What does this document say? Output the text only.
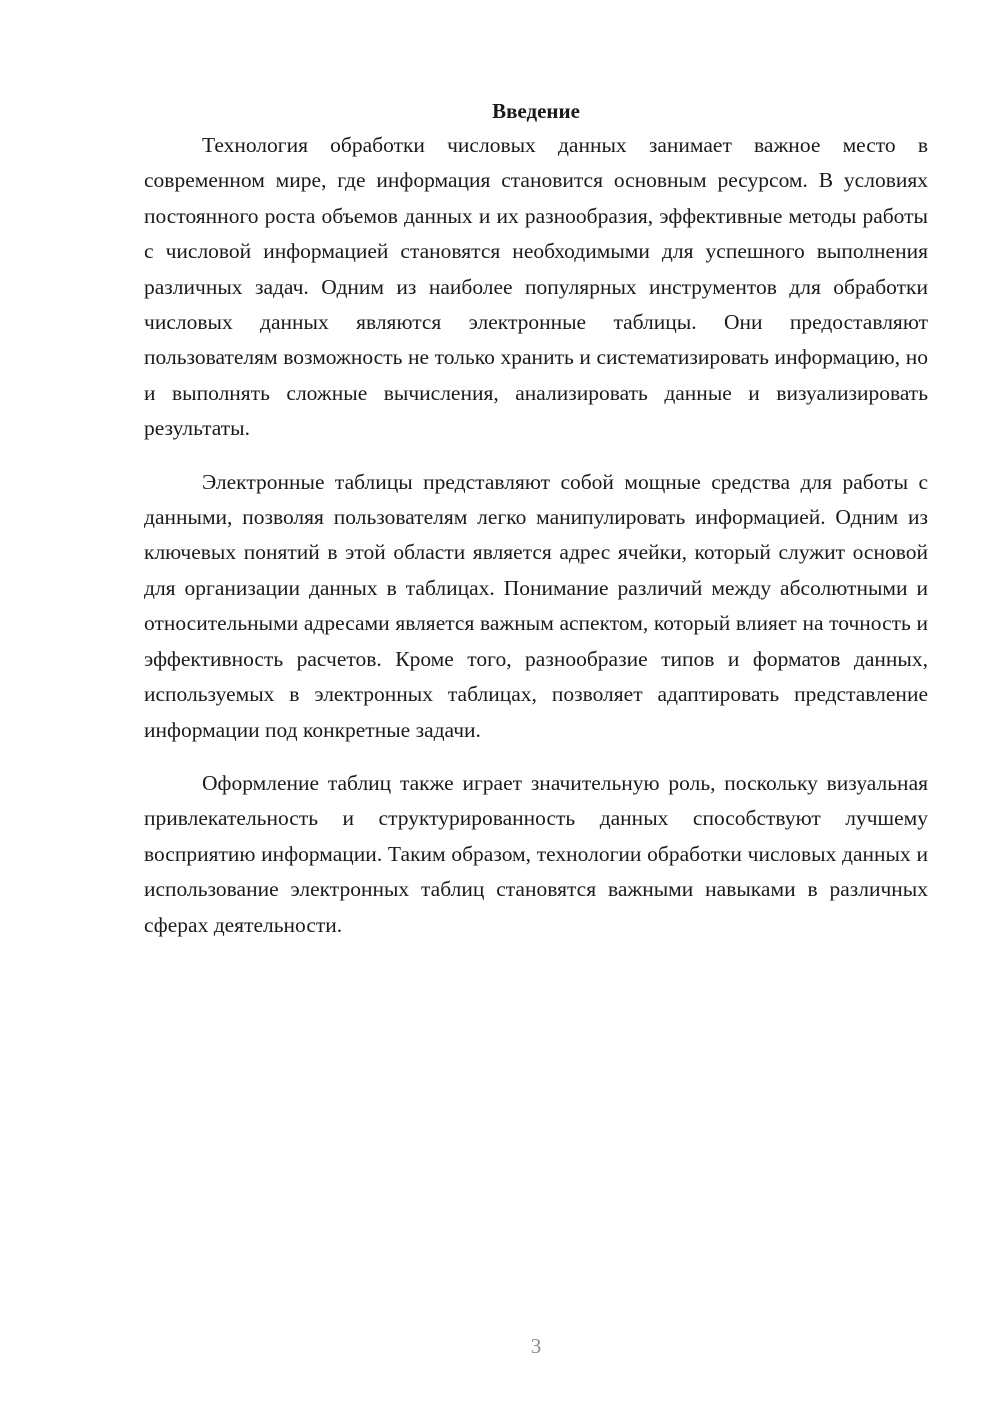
Введение

Технология обработки числовых данных занимает важное место в современном мире, где информация становится основным ресурсом. В условиях постоянного роста объемов данных и их разнообразия, эффективные методы работы с числовой информацией становятся необходимыми для успешного выполнения различных задач. Одним из наиболее популярных инструментов для обработки числовых данных являются электронные таблицы. Они предоставляют пользователям возможность не только хранить и систематизировать информацию, но и выполнять сложные вычисления, анализировать данные и визуализировать результаты.

Электронные таблицы представляют собой мощные средства для работы с данными, позволяя пользователям легко манипулировать информацией. Одним из ключевых понятий в этой области является адрес ячейки, который служит основой для организации данных в таблицах. Понимание различий между абсолютными и относительными адресами является важным аспектом, который влияет на точность и эффективность расчетов. Кроме того, разнообразие типов и форматов данных, используемых в электронных таблицах, позволяет адаптировать представление информации под конкретные задачи.

Оформление таблиц также играет значительную роль, поскольку визуальная привлекательность и структурированность данных способствуют лучшему восприятию информации. Таким образом, технологии обработки числовых данных и использование электронных таблиц становятся важными навыками в различных сферах деятельности.

3
